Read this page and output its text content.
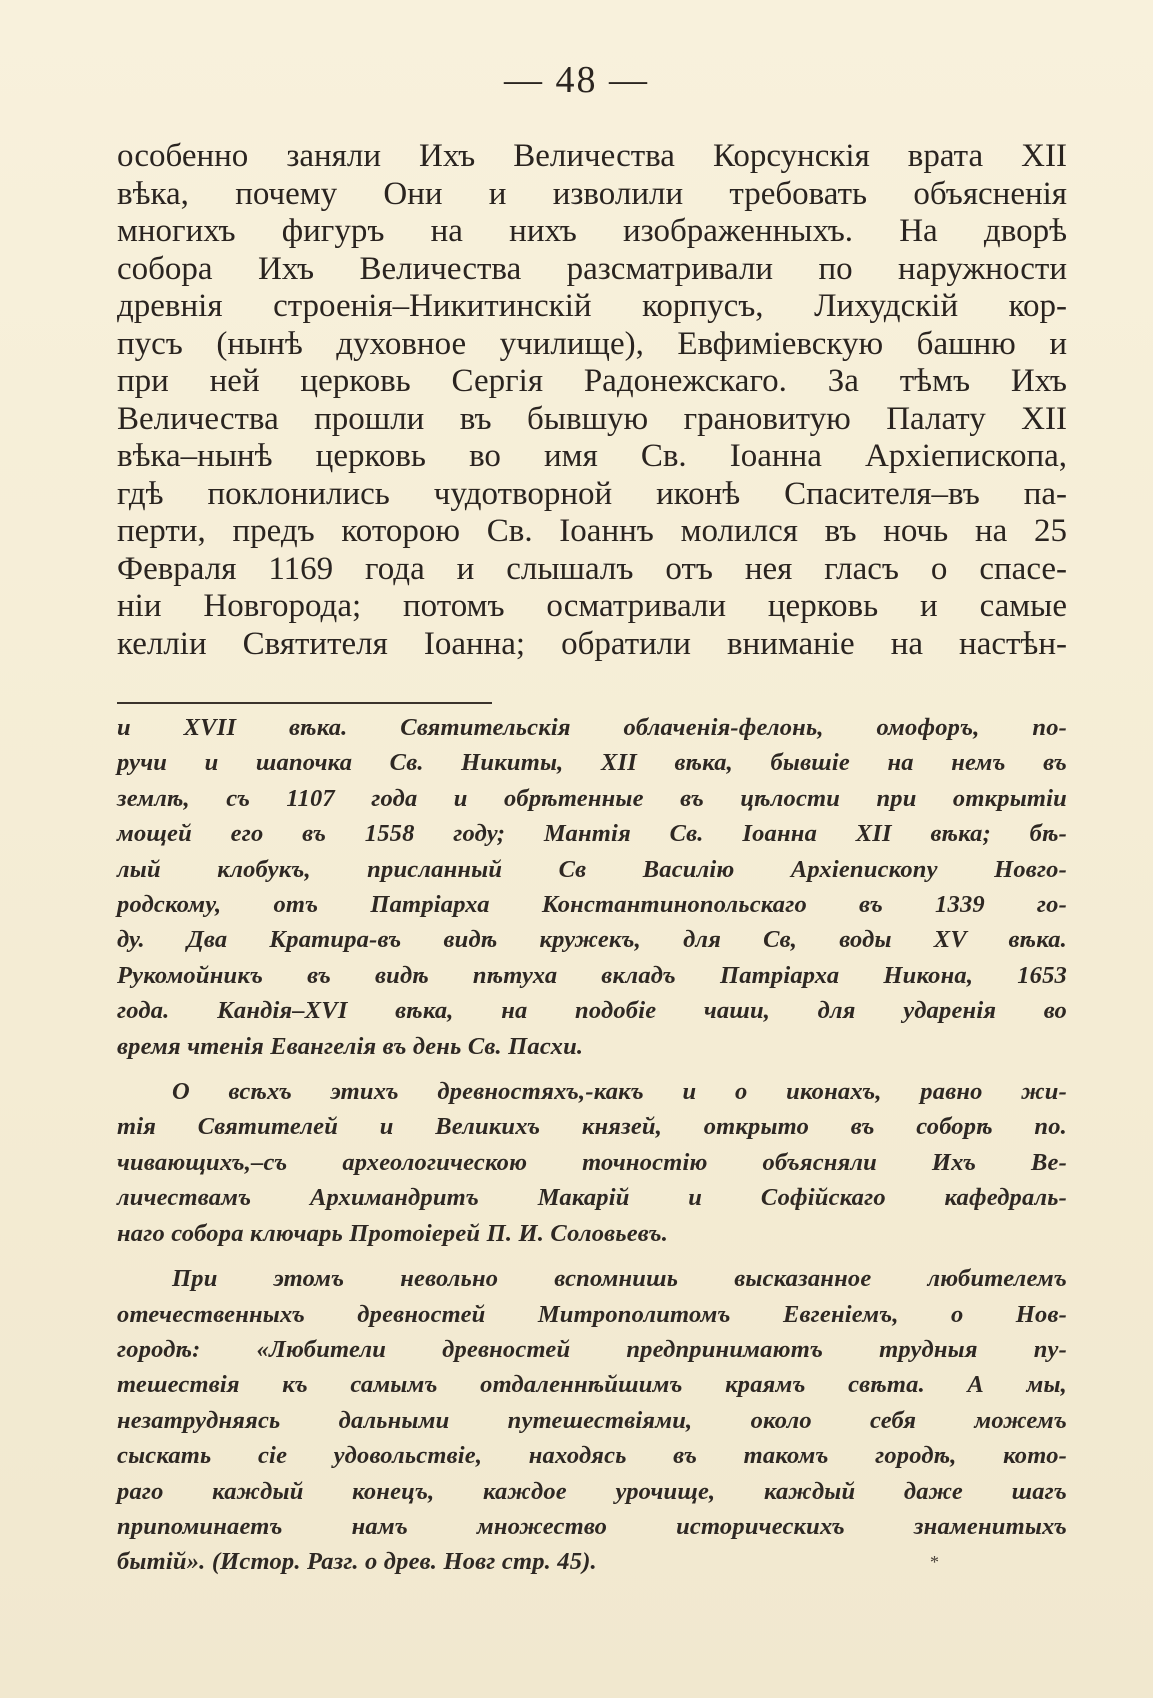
— 48 —
особенно заняли Ихъ Величества Корсунскія врата XII
вѣка, почему Они и изволили требовать объясненія
многихъ фигуръ на нихъ изображенныхъ. На дворѣ
собора Ихъ Величества разсматривали по наружности
древнія строенія–Никитинскій корпусъ, Лихудскій кор-
пусъ (нынѣ духовное училище), Евфиміевскую башню и
при ней церковь Сергія Радонежскаго. За тѣмъ Ихъ
Величества прошли въ бывшую грановитую Палату XII
вѣка–нынѣ церковь во имя Св. Іоанна Архіепископа,
гдѣ поклонились чудотворной иконѣ Спасителя–въ па-
перти, предъ которою Св. Іоаннъ молился въ ночь на 25
Февраля 1169 года и слышалъ отъ нея гласъ о спасе-
ніи Новгорода; потомъ осматривали церковь и самые
келліи Святителя Іоанна; обратили вниманіе на настѣн-
и XVII вѣка. Святительскія облаченія-фелонь, омофоръ, по-
ручи и шапочка Св. Никиты, XII вѣка, бывшіе на немъ въ
землѣ, съ 1107 года и обрѣтенные въ цѣлости при открытіи
мощей его въ 1558 году; Мантія Св. Іоанна XII вѣка; бѣ-
лый клобукъ, присланный Св Василію Архіепископу Новго-
родскому, отъ Патріарха Константинопольскаго въ 1339 го-
ду. Два Кратира-въ видѣ кружекъ, для Св, воды XV вѣка.
Рукомойникъ въ видѣ пѣтуха вкладъ Патріарха Никона, 1653
года. Кандія–XVI вѣка, на подобіе чаши, для ударенія во
время чтенія Евангелія въ день Св. Пасхи.
О всѣхъ этихъ древностяхъ,-какъ и о иконахъ, равно жи-
тія Святителей и Великихъ князей, открыто въ соборѣ по.
чивающихъ,–съ археологическою точностію объясняли Ихъ Ве-
личествамъ Архимандритъ Макарій и Софійскаго кафедраль-
наго собора ключарь Протоіерей П. И. Соловьевъ.
При этомъ невольно вспомнишь высказанное любителемъ
отечественныхъ древностей Митрополитомъ Евгеніемъ, о Нов-
городѣ: «Любители древностей предпринимаютъ трудныя пу-
тешествія къ самымъ отдаленнѣйшимъ краямъ свѣта. А мы,
незатрудняясь дальными путешествіями, около себя можемъ
сыскать сіе удовольствіе, находясь въ такомъ городѣ, кото-
раго каждый конецъ, каждое урочище, каждый даже шагъ
припоминаетъ намъ множество историческихъ знаменитыхъ
бытій». (Истор. Разг. о древ. Новг стр. 45).	*
